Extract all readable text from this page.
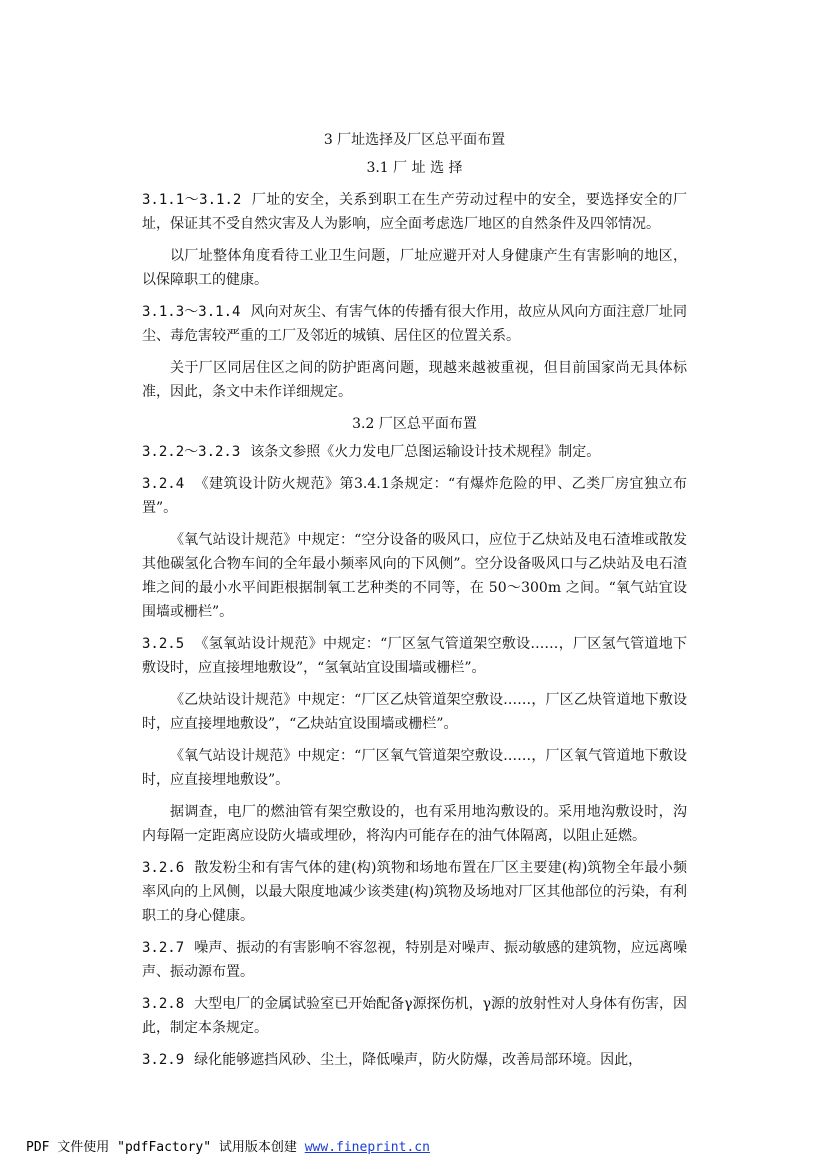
3 厂址选择及厂区总平面布置
3.1 厂 址 选 择

3.1.1～3.1.2 厂址的安全，关系到职工在生产劳动过程中的安全，要选择安全的厂址，保证其不受自然灾害及人为影响，应全面考虑选厂地区的自然条件及四邻情况。

以厂址整体角度看待工业卫生问题，厂址应避开对人身健康产生有害影响的地区，以保障职工的健康。

3.1.3～3.1.4 风向对灰尘、有害气体的传播有很大作用，故应从风向方面注意厂址同尘、毒危害较严重的工厂及邻近的城镇、居住区的位置关系。

关于厂区同居住区之间的防护距离问题，现越来越被重视，但目前国家尚无具体标准，因此，条文中未作详细规定。

3.2 厂区总平面布置

3.2.2～3.2.3 该条文参照《火力发电厂总图运输设计技术规程》制定。

3.2.4 《建筑设计防火规范》第3.4.1条规定：“有爆炸危险的甲、乙类厂房宜独立布置”。

《氧气站设计规范》中规定：“空分设备的吸风口，应位于乙炔站及电石渣堆或散发其他碳氢化合物车间的全年最小频率风向的下风侧”。空分设备吸风口与乙炔站及电石渣堆之间的最小水平间距根据制氧工艺种类的不同等，在 50～300m 之间。“氧气站宜设围墙或栅栏”。

3.2.5 《氢氧站设计规范》中规定：“厂区氢气管道架空敷设……，厂区氢气管道地下敷设时，应直接埋地敷设”，“氢氧站宜设围墙或栅栏”。

《乙炔站设计规范》中规定：“厂区乙炔管道架空敷设……，厂区乙炔管道地下敷设时，应直接埋地敷设”，“乙炔站宜设围墙或栅栏”。

《氧气站设计规范》中规定：“厂区氧气管道架空敷设……，厂区氧气管道地下敷设时，应直接埋地敷设”。

据调查，电厂的燃油管有架空敷设的，也有采用地沟敷设的。采用地沟敷设时，沟内每隔一定距离应设防火墙或埋砂，将沟内可能存在的油气体隔离，以阻止延燃。

3.2.6 散发粉尘和有害气体的建(构)筑物和场地布置在厂区主要建(构)筑物全年最小频率风向的上风侧，以最大限度地减少该类建(构)筑物及场地对厂区其他部位的污染，有利职工的身心健康。

3.2.7 噪声、振动的有害影响不容忽视，特别是对噪声、振动敏感的建筑物，应远离噪声、振动源布置。

3.2.8 大型电厂的金属试验室已开始配备γ源探伤机，γ源的放射性对人身体有伤害，因此，制定本条规定。

3.2.9 绿化能够遮挡风砂、尘土，降低噪声，防火防爆，改善局部环境。因此，

PDF 文件使用 "pdfFactory" 试用版本创建 www.fineprint.cn
